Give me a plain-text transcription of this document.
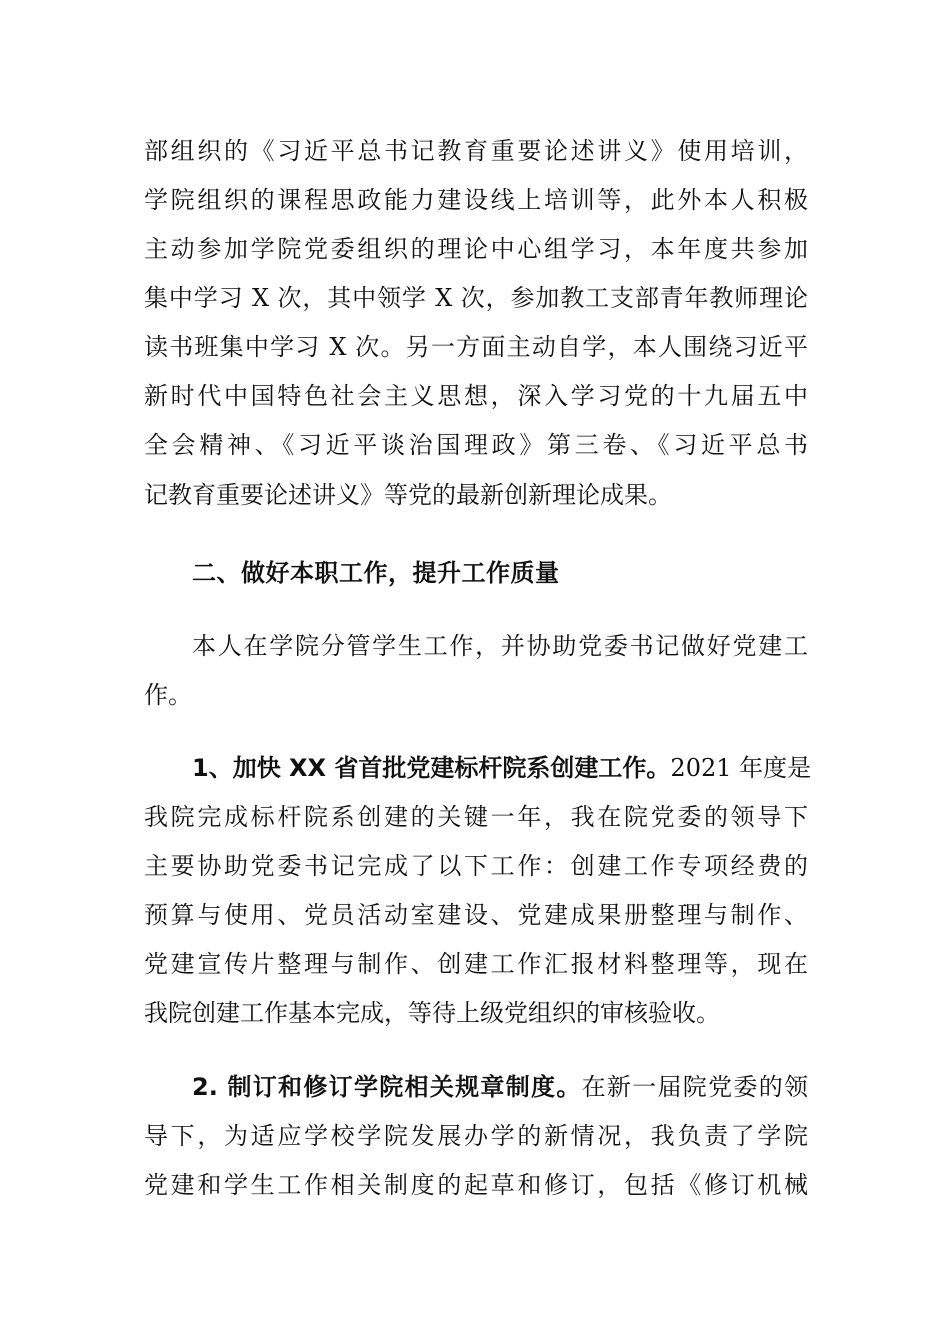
部组织的《习近平总书记教育重要论述讲义》使用培训，
学院组织的课程思政能力建设线上培训等，此外本人积极
主动参加学院党委组织的理论中心组学习，本年度共参加
集中学习 X 次，其中领学 X 次，参加教工支部青年教师理论
读书班集中学习 X 次。另一方面主动自学，本人围绕习近平
新时代中国特色社会主义思想，深入学习党的十九届五中
全会精神、《习近平谈治国理政》第三卷、《习近平总书
记教育重要论述讲义》等党的最新创新理论成果。
二、做好本职工作，提升工作质量
本人在学院分管学生工作，并协助党委书记做好党建工
作。
1、加快 XX 省首批党建标杆院系创建工作。2021 年度是
我院完成标杆院系创建的关键一年，我在院党委的领导下
主要协助党委书记完成了以下工作：创建工作专项经费的
预算与使用、党员活动室建设、党建成果册整理与制作、
党建宣传片整理与制作、创建工作汇报材料整理等，现在
我院创建工作基本完成，等待上级党组织的审核验收。
2. 制订和修订学院相关规章制度。在新一届院党委的领
导下，为适应学校学院发展办学的新情况，我负责了学院
党建和学生工作相关制度的起草和修订，包括《修订机械
